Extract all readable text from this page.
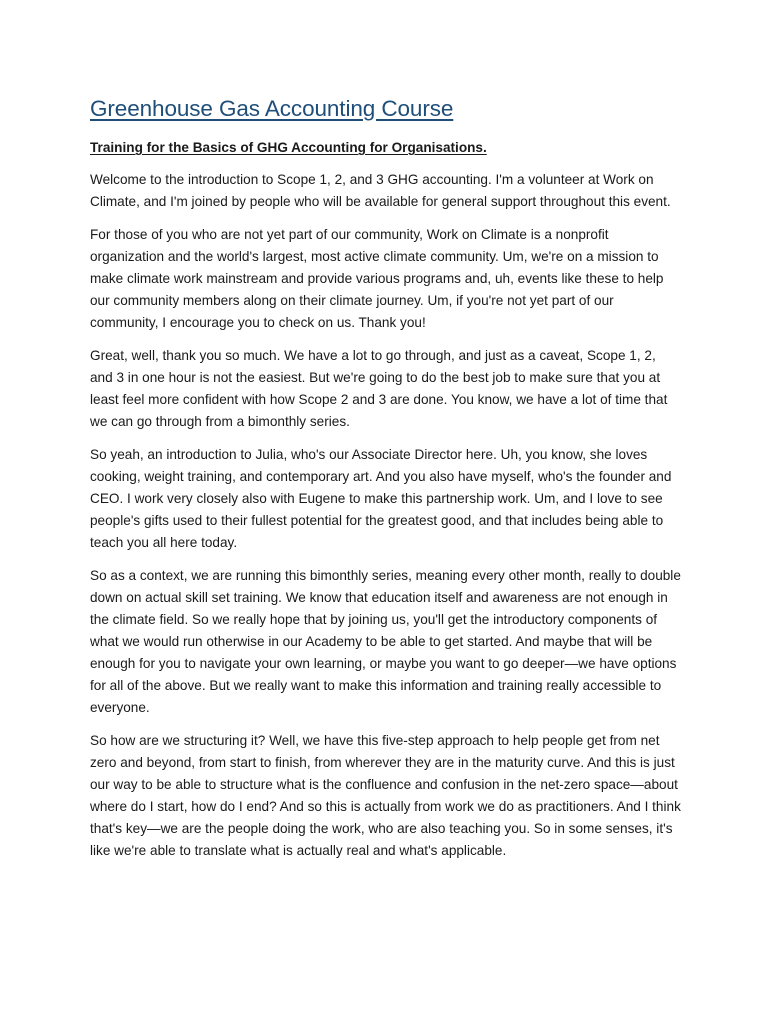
Greenhouse Gas Accounting Course

Training for the Basics of GHG Accounting for Organisations.

Welcome to the introduction to Scope 1, 2, and 3 GHG accounting. I'm a volunteer at Work on Climate, and I'm joined by people who will be available for general support throughout this event.

For those of you who are not yet part of our community, Work on Climate is a nonprofit organization and the world's largest, most active climate community. Um, we're on a mission to make climate work mainstream and provide various programs and, uh, events like these to help our community members along on their climate journey. Um, if you're not yet part of our community, I encourage you to check on us. Thank you!

Great, well, thank you so much. We have a lot to go through, and just as a caveat, Scope 1, 2, and 3 in one hour is not the easiest. But we're going to do the best job to make sure that you at least feel more confident with how Scope 2 and 3 are done. You know, we have a lot of time that we can go through from a bimonthly series.

So yeah, an introduction to Julia, who's our Associate Director here. Uh, you know, she loves cooking, weight training, and contemporary art. And you also have myself, who's the founder and CEO. I work very closely also with Eugene to make this partnership work. Um, and I love to see people's gifts used to their fullest potential for the greatest good, and that includes being able to teach you all here today.

So as a context, we are running this bimonthly series, meaning every other month, really to double down on actual skill set training. We know that education itself and awareness are not enough in the climate field. So we really hope that by joining us, you'll get the introductory components of what we would run otherwise in our Academy to be able to get started. And maybe that will be enough for you to navigate your own learning, or maybe you want to go deeper—we have options for all of the above. But we really want to make this information and training really accessible to everyone.

So how are we structuring it? Well, we have this five-step approach to help people get from net zero and beyond, from start to finish, from wherever they are in the maturity curve. And this is just our way to be able to structure what is the confluence and confusion in the net-zero space—about where do I start, how do I end? And so this is actually from work we do as practitioners. And I think that's key—we are the people doing the work, who are also teaching you. So in some senses, it's like we're able to translate what is actually real and what's applicable.
